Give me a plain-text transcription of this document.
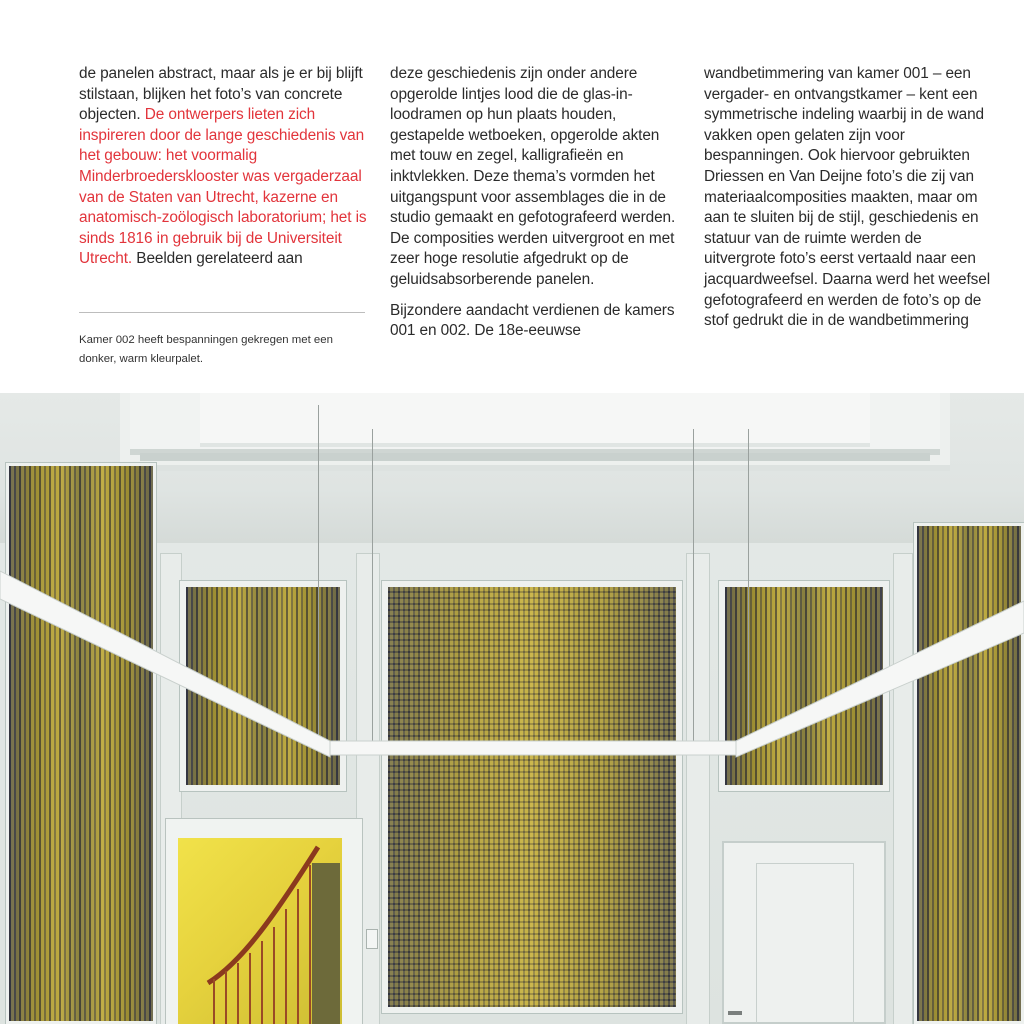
de panelen abstract, maar als je er bij blijft stilstaan, blijken het foto’s van concrete objecten. De ontwerpers lieten zich inspireren door de lange geschiedenis van het gebouw: het voormalig Minderbroedersklooster was vergaderzaal van de Staten van Utrecht, kazerne en anatomisch-zoölogisch laboratorium; het is sinds 1816 in gebruik bij de Universiteit Utrecht. Beelden gerelateerd aan

Kamer 002 heeft bespanningen gekregen met een donker, warm kleurpalet.

deze geschiedenis zijn onder andere opgerolde lintjes lood die de glas-in-loodramen op hun plaats houden, gestapelde wetboeken, opgerolde akten met touw en zegel, kalligrafieën en inktvlekken. Deze thema’s vormden het uitgangspunt voor assemblages die in de studio gemaakt en gefotografeerd werden. De composities werden uitvergroot en met zeer hoge resolutie afgedrukt op de geluidsabsorberende panelen.

Bijzondere aandacht verdienen de kamers 001 en 002. De 18e-eeuwse

wandbetimmering van kamer 001 – een vergader- en ontvangstkamer – kent een symmetrische indeling waarbij in de wand vakken open gelaten zijn voor bespanningen. Ook hiervoor gebruikten Driessen en Van Deijne foto’s die zij van materiaalcomposities maakten, maar om aan te sluiten bij de stijl, geschiedenis en statuur van de ruimte werden de uitvergrote foto’s eerst vertaald naar een jacquardweefsel. Daarna werd het weefsel gefotografeerd en werden de foto’s op de stof gedrukt die in de wandbetimmering
